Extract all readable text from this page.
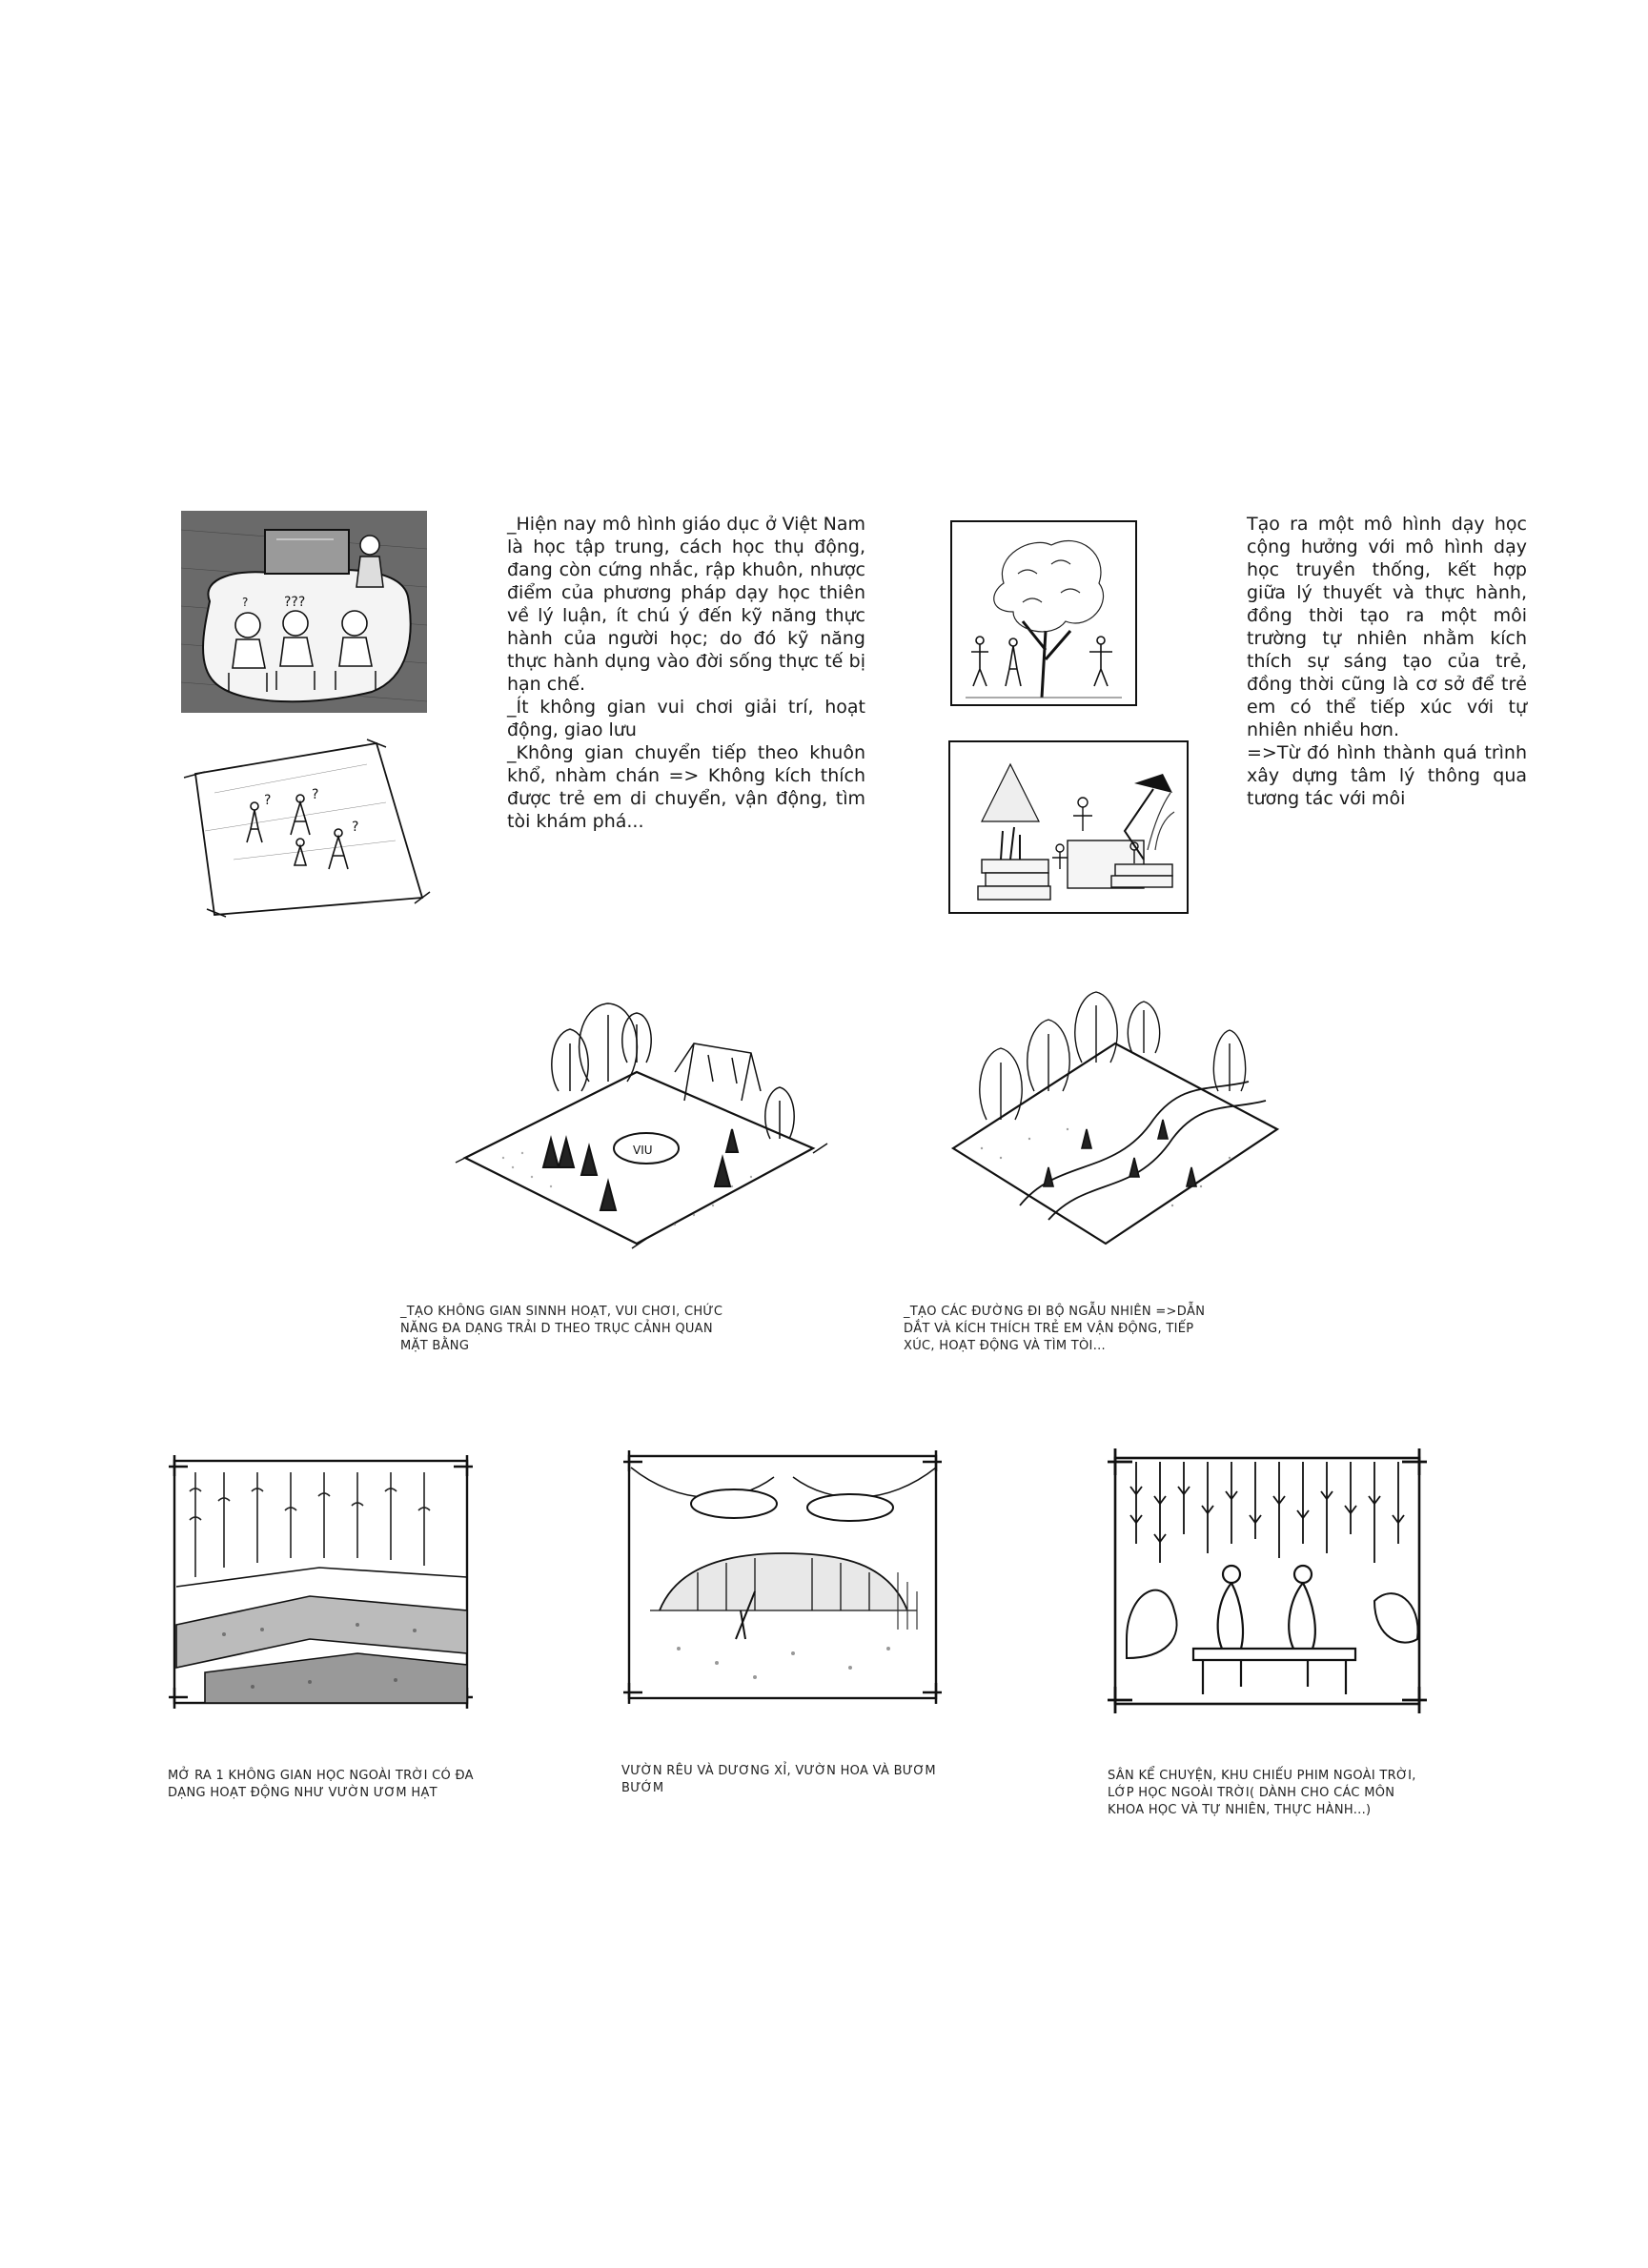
???
?
?	?
?
_Hiện nay mô hình giáo dục ở Việt Nam là học tập trung, cách học thụ động, đang còn cứng nhắc, rập khuôn, nhược điểm của phương pháp dạy học thiên về lý luận, ít chú ý đến kỹ năng thực hành của người học; do đó kỹ năng thực hành dụng vào đời sống thực tế bị hạn chế.
_Ít không gian vui chơi giải trí, hoạt động, giao lưu
_Không gian chuyển tiếp theo khuôn khổ, nhàm chán => Không kích thích được trẻ em di chuyển, vận động, tìm tòi khám phá...
Tạo ra một mô hình dạy học cộng hưởng với mô hình dạy học truyền thống, kết hợp giữa lý thuyết và thực hành, đồng thời tạo ra một môi trường tự nhiên nhằm kích thích sự sáng tạo của trẻ, đồng thời cũng là cơ sở để trẻ em có thể tiếp xúc với tự nhiên nhiều hơn.
=>Từ đó hình thành quá trình xây dựng tâm lý thông qua tương tác với môi
VIU
_TẠO KHÔNG GIAN SINNH HOẠT, VUI CHƠI, CHỨC NĂNG ĐA DẠNG TRẢI D THEO TRỤC CẢNH QUAN MẶT BẰNG
_TẠO CÁC ĐƯỜNG ĐI BỘ NGẪU NHIÊN =>DẪN DẮT VÀ KÍCH THÍCH TRẺ EM VẬN ĐỘNG, TIẾP XÚC, HOẠT ĐỘNG VÀ TÌM TÒI...
MỞ RA 1 KHÔNG GIAN HỌC NGOÀI TRỜI CÓ ĐA DẠNG HOẠT ĐỘNG NHƯ VƯỜN ƯƠM HẠT
VƯỜN RÊU VÀ DƯƠNG XỈ, VƯỜN HOA VÀ BƯƠM BƯỚM
SÂN KỂ CHUYỆN, KHU CHIẾU PHIM NGOÀI TRỜI, LỚP HỌC NGOÀI TRỜI( DÀNH CHO CÁC MÔN KHOA HỌC VÀ TỰ NHIÊN, THỰC HÀNH...)
